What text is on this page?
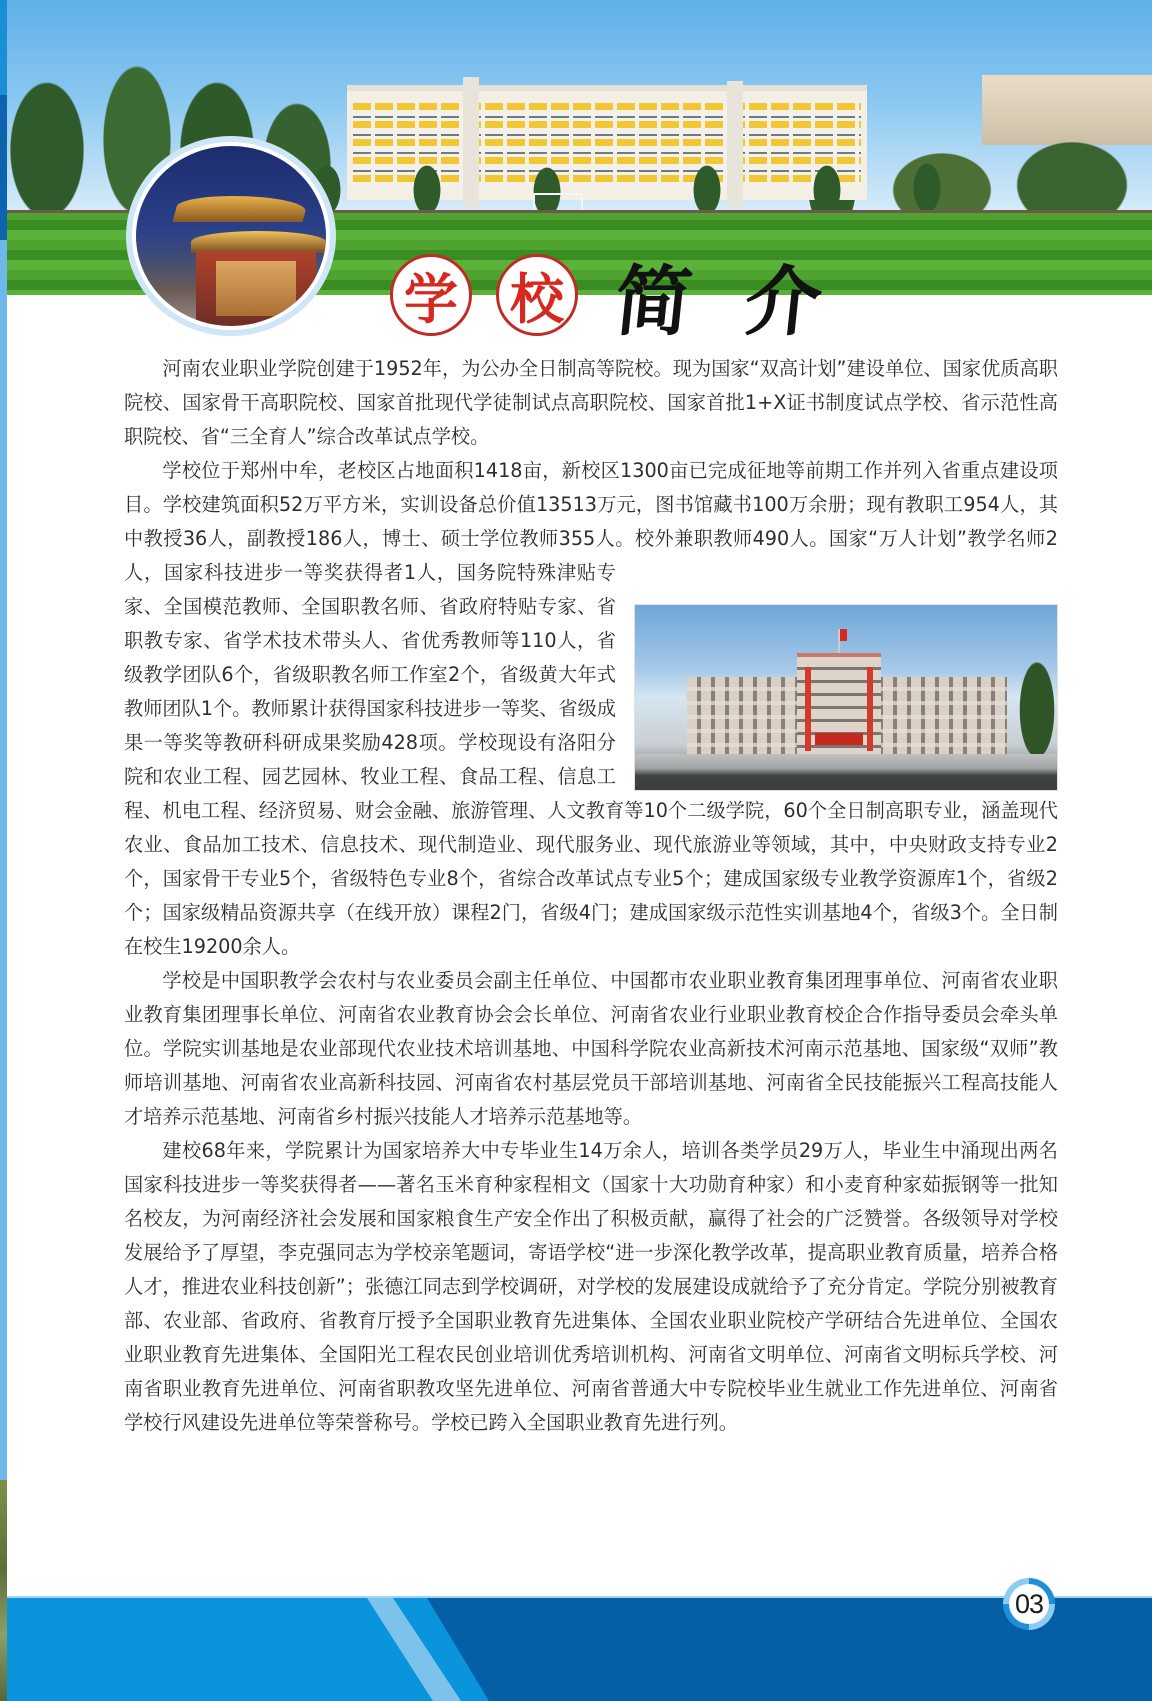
学 校 简 介

河南农业职业学院创建于1952年，为公办全日制高等院校。现为国家“双高计划”建设单位、国家优质高职院校、国家骨干高职院校、国家首批现代学徒制试点高职院校、国家首批1+X证书制度试点学校、省示范性高职院校、省“三全育人”综合改革试点学校。

学校位于郑州中牟，老校区占地面积1418亩，新校区1300亩已完成征地等前期工作并列入省重点建设项目。学校建筑面积52万平方米，实训设备总价值13513万元，图书馆藏书100万余册；现有教职工954人，其中教授36人，副教授186人，博士、硕士学位教师355人。校外兼职教师490人。国家“万人计划”教学名师2人，国家科技进步一等奖获得者1人，国务院特殊津贴专家、全国模范教师、全国职教名师、省政府特贴专家、省职教专家、省学术技术带头人、省优秀教师等110人，省级教学团队6个，省级职教名师工作室2个，省级黄大年式教师团队1个。教师累计获得国家科技进步一等奖、省级成果一等奖等教研科研成果奖励428项。学校现设有洛阳分院和农业工程、园艺园林、牧业工程、食品工程、信息工程、机电工程、经济贸易、财会金融、旅游管理、人文教育等10个二级学院，60个全日制高职专业，涵盖现代农业、食品加工技术、信息技术、现代制造业、现代服务业、现代旅游业等领域，其中，中央财政支持专业2个，国家骨干专业5个，省级特色专业8个，省综合改革试点专业5个；建成国家级专业教学资源库1个，省级2个；国家级精品资源共享（在线开放）课程2门，省级4门；建成国家级示范性实训基地4个，省级3个。全日制在校生19200余人。

学校是中国职教学会农村与农业委员会副主任单位、中国都市农业职业教育集团理事单位、河南省农业职业教育集团理事长单位、河南省农业教育协会会长单位、河南省农业行业职业教育校企合作指导委员会牵头单位。学院实训基地是农业部现代农业技术培训基地、中国科学院农业高新技术河南示范基地、国家级“双师”教师培训基地、河南省农业高新科技园、河南省农村基层党员干部培训基地、河南省全民技能振兴工程高技能人才培养示范基地、河南省乡村振兴技能人才培养示范基地等。

建校68年来，学院累计为国家培养大中专毕业生14万余人，培训各类学员29万人，毕业生中涌现出两名国家科技进步一等奖获得者——著名玉米育种家程相文（国家十大功勋育种家）和小麦育种家茹振钢等一批知名校友，为河南经济社会发展和国家粮食生产安全作出了积极贡献，赢得了社会的广泛赞誉。各级领导对学校发展给予了厚望，李克强同志为学校亲笔题词，寄语学校“进一步深化教学改革，提高职业教育质量，培养合格人才，推进农业科技创新”；张德江同志到学校调研，对学校的发展建设成就给予了充分肯定。学院分别被教育部、农业部、省政府、省教育厅授予全国职业教育先进集体、全国农业职业院校产学研结合先进单位、全国农业职业教育先进集体、全国阳光工程农民创业培训优秀培训机构、河南省文明单位、河南省文明标兵学校、河南省职业教育先进单位、河南省职教攻坚先进单位、河南省普通大中专院校毕业生就业工作先进单位、河南省学校行风建设先进单位等荣誉称号。学校已跨入全国职业教育先进行列。

03
